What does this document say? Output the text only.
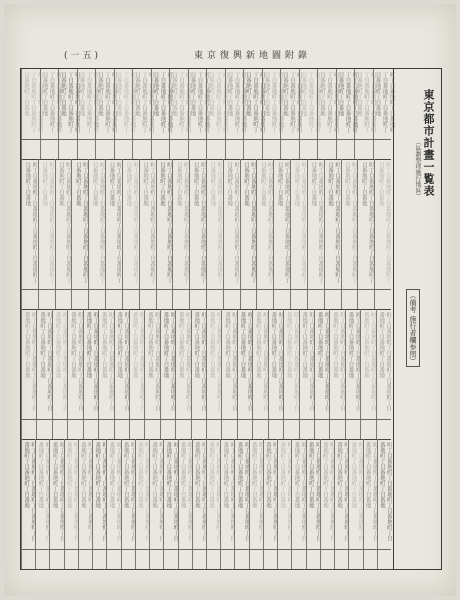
(一五)	東京復興新地圖附錄
東京都市計畫一覧表
（區劃整理施行地區）
（備考 施行者欄参照）
町丁目番地町丁目番地町丁目番地町丁目番地町丁目番地町丁目番地	町丁目番地町丁目番地町丁目番地町丁目番地町丁目番地町丁目番地	町丁目番地町丁目番地町丁目番地町丁目番地町丁目番地町丁目番地	町丁目番地町丁目番地町丁目番地町丁目番地町丁目番地町丁目番地	町丁目番地町丁目番地町丁目番地町丁目番地町丁目番地町丁目番地	町丁目番地町丁目番地町丁目番地町丁目番地町丁目番地町丁目番地	町丁目番地町丁目番地町丁目番地町丁目番地町丁目番地町丁目番地	町丁目番地町丁目番地町丁目番地町丁目番地町丁目番地町丁目番地	町丁目番地町丁目番地町丁目番地町丁目番地町丁目番地町丁目番地	町丁目番地町丁目番地町丁目番地町丁目番地町丁目番地町丁目番地	町丁目番地町丁目番地町丁目番地町丁目番地町丁目番地町丁目番地	町丁目番地町丁目番地町丁目番地町丁目番地町丁目番地町丁目番地	町丁目番地町丁目番地町丁目番地町丁目番地町丁目番地町丁目番地	町丁目番地町丁目番地町丁目番地町丁目番地町丁目番地町丁目番地	町丁目番地町丁目番地町丁目番地町丁目番地町丁目番地町丁目番地	町丁目番地町丁目番地町丁目番地町丁目番地町丁目番地町丁目番地	町丁目番地町丁目番地町丁目番地町丁目番地町丁目番地町丁目番地	町丁目番地町丁目番地町丁目番地町丁目番地町丁目番地町丁目番地	町丁目番地町丁目番地町丁目番地町丁目番地町丁目番地町丁目番地	町丁目番地町丁目番地町丁目番地町丁目番地町丁目番地町丁目番地
町丁目番地町丁目番地町丁目番地町丁目番地町丁目番地町丁目番地	町丁目番地町丁目番地町丁目番地町丁目番地町丁目番地町丁目番地	町丁目番地町丁目番地町丁目番地町丁目番地町丁目番地町丁目番地	町丁目番地町丁目番地町丁目番地町丁目番地町丁目番地町丁目番地	町丁目番地町丁目番地町丁目番地町丁目番地町丁目番地町丁目番地	町丁目番地町丁目番地町丁目番地町丁目番地町丁目番地町丁目番地	町丁目番地町丁目番地町丁目番地町丁目番地町丁目番地町丁目番地	町丁目番地町丁目番地町丁目番地町丁目番地町丁目番地町丁目番地	町丁目番地町丁目番地町丁目番地町丁目番地町丁目番地町丁目番地	町丁目番地町丁目番地町丁目番地町丁目番地町丁目番地町丁目番地	町丁目番地町丁目番地町丁目番地町丁目番地町丁目番地町丁目番地	町丁目番地町丁目番地町丁目番地町丁目番地町丁目番地町丁目番地	町丁目番地町丁目番地町丁目番地町丁目番地町丁目番地町丁目番地	町丁目番地町丁目番地町丁目番地町丁目番地町丁目番地町丁目番地	町丁目番地町丁目番地町丁目番地町丁目番地町丁目番地町丁目番地	町丁目番地町丁目番地町丁目番地町丁目番地町丁目番地町丁目番地	町丁目番地町丁目番地町丁目番地町丁目番地町丁目番地町丁目番地	町丁目番地町丁目番地町丁目番地町丁目番地町丁目番地町丁目番地	町丁目番地町丁目番地町丁目番地町丁目番地町丁目番地町丁目番地	町丁目番地町丁目番地町丁目番地町丁目番地町丁目番地町丁目番地	町丁目番地町丁目番地町丁目番地町丁目番地町丁目番地町丁目番地	町丁目番地町丁目番地町丁目番地町丁目番地町丁目番地町丁目番地
町丁目番地町丁目番地町丁目番地町丁目番地町丁目番地町丁目番地	町丁目番地町丁目番地町丁目番地町丁目番地町丁目番地町丁目番地	町丁目番地町丁目番地町丁目番地町丁目番地町丁目番地町丁目番地	町丁目番地町丁目番地町丁目番地町丁目番地町丁目番地町丁目番地	町丁目番地町丁目番地町丁目番地町丁目番地町丁目番地町丁目番地	町丁目番地町丁目番地町丁目番地町丁目番地町丁目番地町丁目番地	町丁目番地町丁目番地町丁目番地町丁目番地町丁目番地町丁目番地	町丁目番地町丁目番地町丁目番地町丁目番地町丁目番地町丁目番地	町丁目番地町丁目番地町丁目番地町丁目番地町丁目番地町丁目番地	町丁目番地町丁目番地町丁目番地町丁目番地町丁目番地町丁目番地	町丁目番地町丁目番地町丁目番地町丁目番地町丁目番地町丁目番地	町丁目番地町丁目番地町丁目番地町丁目番地町丁目番地町丁目番地	町丁目番地町丁目番地町丁目番地町丁目番地町丁目番地町丁目番地	町丁目番地町丁目番地町丁目番地町丁目番地町丁目番地町丁目番地	町丁目番地町丁目番地町丁目番地町丁目番地町丁目番地町丁目番地	町丁目番地町丁目番地町丁目番地町丁目番地町丁目番地町丁目番地	町丁目番地町丁目番地町丁目番地町丁目番地町丁目番地町丁目番地	町丁目番地町丁目番地町丁目番地町丁目番地町丁目番地町丁目番地	町丁目番地町丁目番地町丁目番地町丁目番地町丁目番地町丁目番地	町丁目番地町丁目番地町丁目番地町丁目番地町丁目番地町丁目番地	町丁目番地町丁目番地町丁目番地町丁目番地町丁目番地町丁目番地	町丁目番地町丁目番地町丁目番地町丁目番地町丁目番地町丁目番地	町丁目番地町丁目番地町丁目番地町丁目番地町丁目番地町丁目番地	町丁目番地町丁目番地町丁目番地町丁目番地町丁目番地町丁目番地
町丁目番地町丁目番地町丁目番地町丁目番地町丁目番地町丁目番地	町丁目番地町丁目番地町丁目番地町丁目番地町丁目番地町丁目番地	町丁目番地町丁目番地町丁目番地町丁目番地町丁目番地町丁目番地	町丁目番地町丁目番地町丁目番地町丁目番地町丁目番地町丁目番地	町丁目番地町丁目番地町丁目番地町丁目番地町丁目番地町丁目番地	町丁目番地町丁目番地町丁目番地町丁目番地町丁目番地町丁目番地	町丁目番地町丁目番地町丁目番地町丁目番地町丁目番地町丁目番地	町丁目番地町丁目番地町丁目番地町丁目番地町丁目番地町丁目番地	町丁目番地町丁目番地町丁目番地町丁目番地町丁目番地町丁目番地	町丁目番地町丁目番地町丁目番地町丁目番地町丁目番地町丁目番地	町丁目番地町丁目番地町丁目番地町丁目番地町丁目番地町丁目番地	町丁目番地町丁目番地町丁目番地町丁目番地町丁目番地町丁目番地	町丁目番地町丁目番地町丁目番地町丁目番地町丁目番地町丁目番地	町丁目番地町丁目番地町丁目番地町丁目番地町丁目番地町丁目番地	町丁目番地町丁目番地町丁目番地町丁目番地町丁目番地町丁目番地	町丁目番地町丁目番地町丁目番地町丁目番地町丁目番地町丁目番地	町丁目番地町丁目番地町丁目番地町丁目番地町丁目番地町丁目番地	町丁目番地町丁目番地町丁目番地町丁目番地町丁目番地町丁目番地	町丁目番地町丁目番地町丁目番地町丁目番地町丁目番地町丁目番地	町丁目番地町丁目番地町丁目番地町丁目番地町丁目番地町丁目番地	町丁目番地町丁目番地町丁目番地町丁目番地町丁目番地町丁目番地	町丁目番地町丁目番地町丁目番地町丁目番地町丁目番地町丁目番地	町丁目番地町丁目番地町丁目番地町丁目番地町丁目番地町丁目番地	町丁目番地町丁目番地町丁目番地町丁目番地町丁目番地町丁目番地	町丁目番地町丁目番地町丁目番地町丁目番地町丁目番地町丁目番地	町丁目番地町丁目番地町丁目番地町丁目番地町丁目番地町丁目番地
